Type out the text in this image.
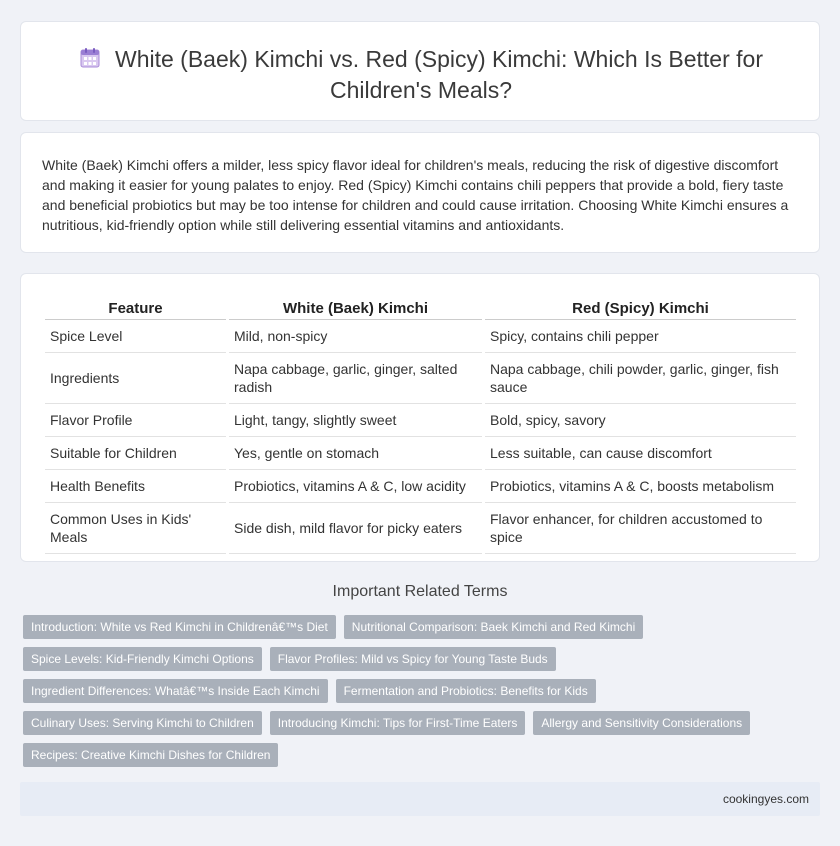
White (Baek) Kimchi vs. Red (Spicy) Kimchi: Which Is Better for Children's Meals?

White (Baek) Kimchi offers a milder, less spicy flavor ideal for children's meals, reducing the risk of digestive discomfort and making it easier for young palates to enjoy. Red (Spicy) Kimchi contains chili peppers that provide a bold, fiery taste and beneficial probiotics but may be too intense for children and could cause irritation. Choosing White Kimchi ensures a nutritious, kid-friendly option while still delivering essential vitamins and antioxidants.

Feature	White (Baek) Kimchi	Red (Spicy) Kimchi
Spice Level	Mild, non-spicy	Spicy, contains chili pepper
Ingredients	Napa cabbage, garlic, ginger, salted radish	Napa cabbage, chili powder, garlic, ginger, fish sauce
Flavor Profile	Light, tangy, slightly sweet	Bold, spicy, savory
Suitable for Children	Yes, gentle on stomach	Less suitable, can cause discomfort
Health Benefits	Probiotics, vitamins A & C, low acidity	Probiotics, vitamins A & C, boosts metabolism
Common Uses in Kids' Meals	Side dish, mild flavor for picky eaters	Flavor enhancer, for children accustomed to spice
Important Related Terms
Introduction: White vs Red Kimchi in Childrenâ€™s Diet	Nutritional Comparison: Baek Kimchi and Red Kimchi
Spice Levels: Kid-Friendly Kimchi Options	Flavor Profiles: Mild vs Spicy for Young Taste Buds
Ingredient Differences: Whatâ€™s Inside Each Kimchi	Fermentation and Probiotics: Benefits for Kids
Culinary Uses: Serving Kimchi to Children	Introducing Kimchi: Tips for First-Time Eaters	Allergy and Sensitivity Considerations
Recipes: Creative Kimchi Dishes for Children
cookingyes.com
